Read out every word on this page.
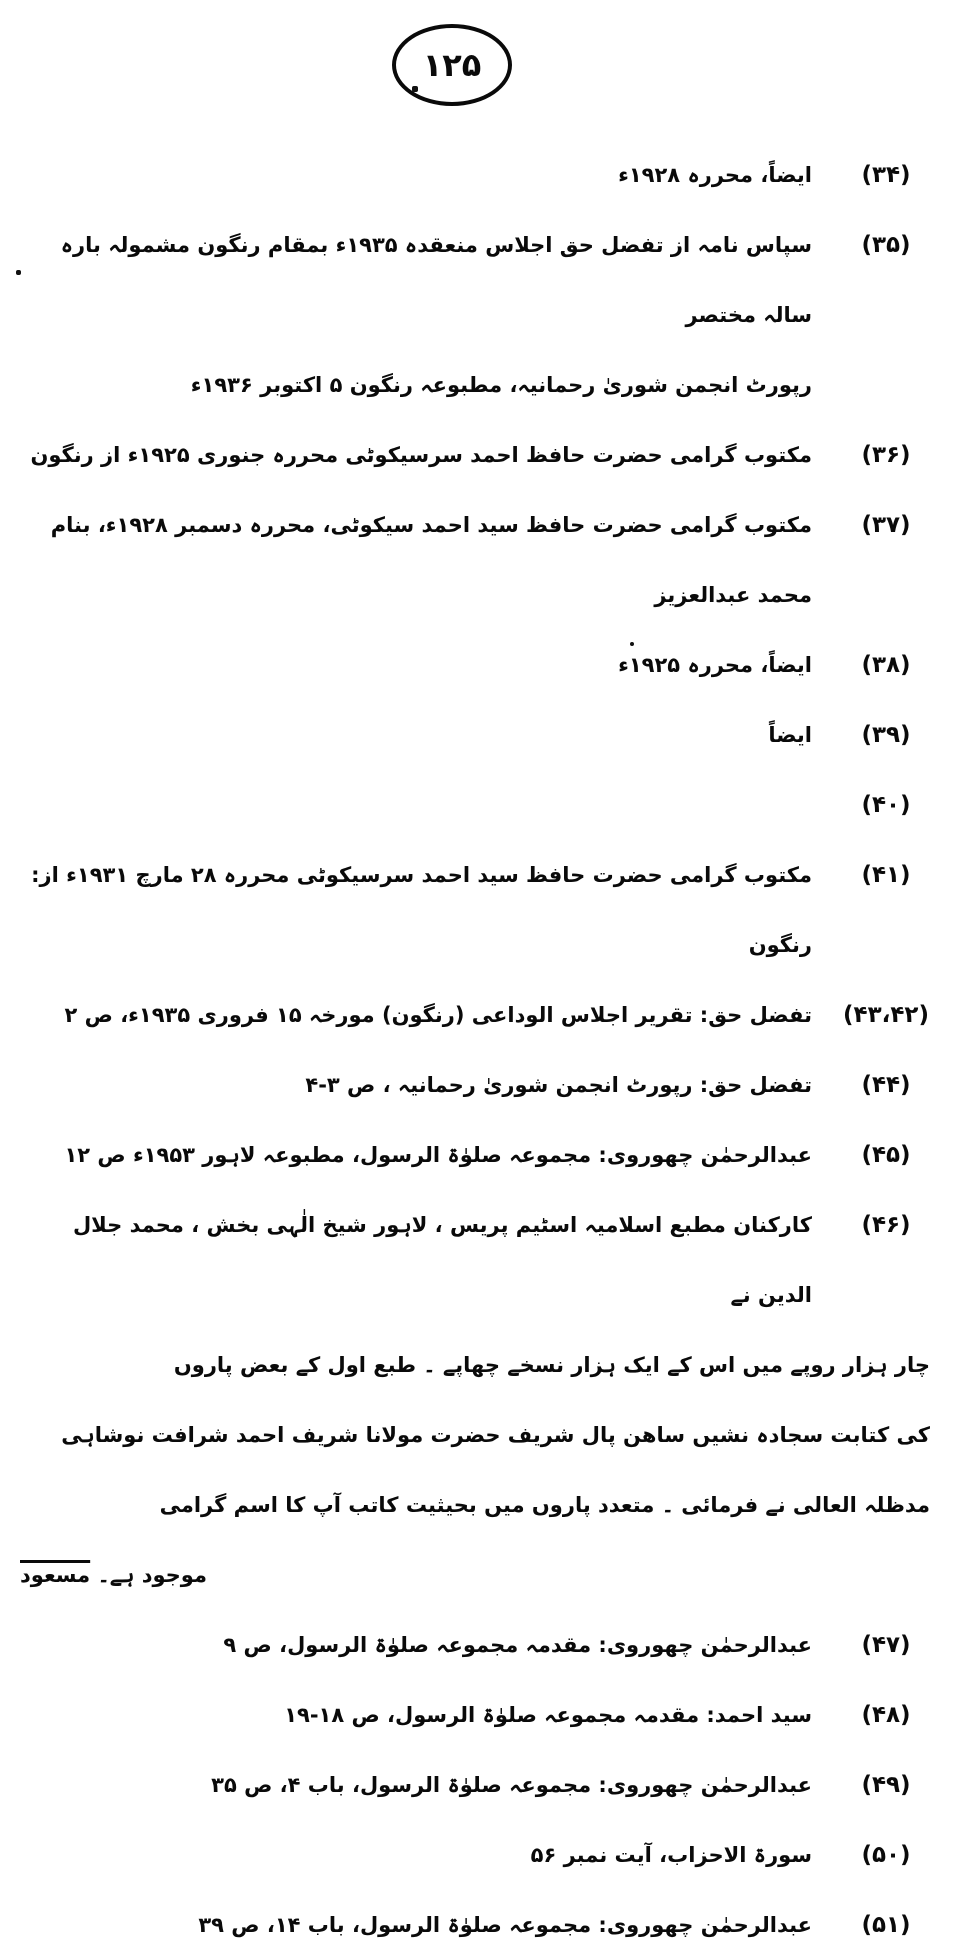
۱۲۵
(۳۴)
ایضاً، محررہ ۱۹۲۸ء
(۳۵)
سپاس نامہ از تفضل حق اجلاس منعقدہ ۱۹۳۵ء بمقام رنگون مشمولہ بارہ سالہ مختصر
رپورٹ انجمن شوریٰ رحمانیہ، مطبوعہ رنگون ۵ اکتوبر ۱۹۳۶ء
(۳۶)
مکتوب گرامی حضرت حافظ احمد سرسیکوٹی محررہ جنوری ۱۹۲۵ء از رنگون
(۳۷)
مکتوب گرامی حضرت حافظ سید احمد سیکوٹی، محررہ دسمبر ۱۹۲۸ء، بنام محمد عبدالعزیز
(۳۸)
ایضاً، محررہ ۱۹۲۵ء
(۳۹)
ایضاً
(۴۰)
(۴۱)
مکتوب گرامی حضرت حافظ سید احمد سرسیکوٹی محررہ ۲۸ مارچ ۱۹۳۱ء از: رنگون
(۴۳،۴۲)
تفضل حق: تقریر اجلاس الوداعی (رنگون) مورخہ ۱۵ فروری ۱۹۳۵ء، ص ۲
(۴۴)
تفضل حق: رپورٹ انجمن شوریٰ رحمانیہ ، ص ۳-۴
(۴۵)
عبدالرحمٰن چھوروی: مجموعہ صلوٰۃ الرسول، مطبوعہ لاہور ۱۹۵۳ء ص ۱۲
(۴۶)
کارکنان مطبع اسلامیہ اسٹیم پریس ، لاہور شیخ الٰہی بخش ، محمد جلال الدین نے
چار ہزار روپے میں اس کے ایک ہزار نسخے چھاپے ۔ طبع اول کے بعض پاروں
کی کتابت سجادہ نشیں ساھن پال شریف حضرت مولانا شریف احمد شرافت نوشاہی
مدظلہ العالی نے فرمائی ۔ متعدد پاروں میں بحیثیت کاتب آپ کا اسم گرامی
موجود ہے۔ مسعود
(۴۷)
عبدالرحمٰن چھوروی: مقدمہ مجموعہ صلوٰۃ الرسول، ص ۹
(۴۸)
سید احمد: مقدمہ مجموعہ صلوٰۃ الرسول، ص ۱۸-۱۹
(۴۹)
عبدالرحمٰن چھوروی: مجموعہ صلوٰۃ الرسول، باب ۴، ص ۳۵
(۵۰)
سورۃ الاحزاب، آیت نمبر ۵۶
(۵۱)
عبدالرحمٰن چھوروی: مجموعہ صلوٰۃ الرسول، باب ۱۴، ص ۳۹
